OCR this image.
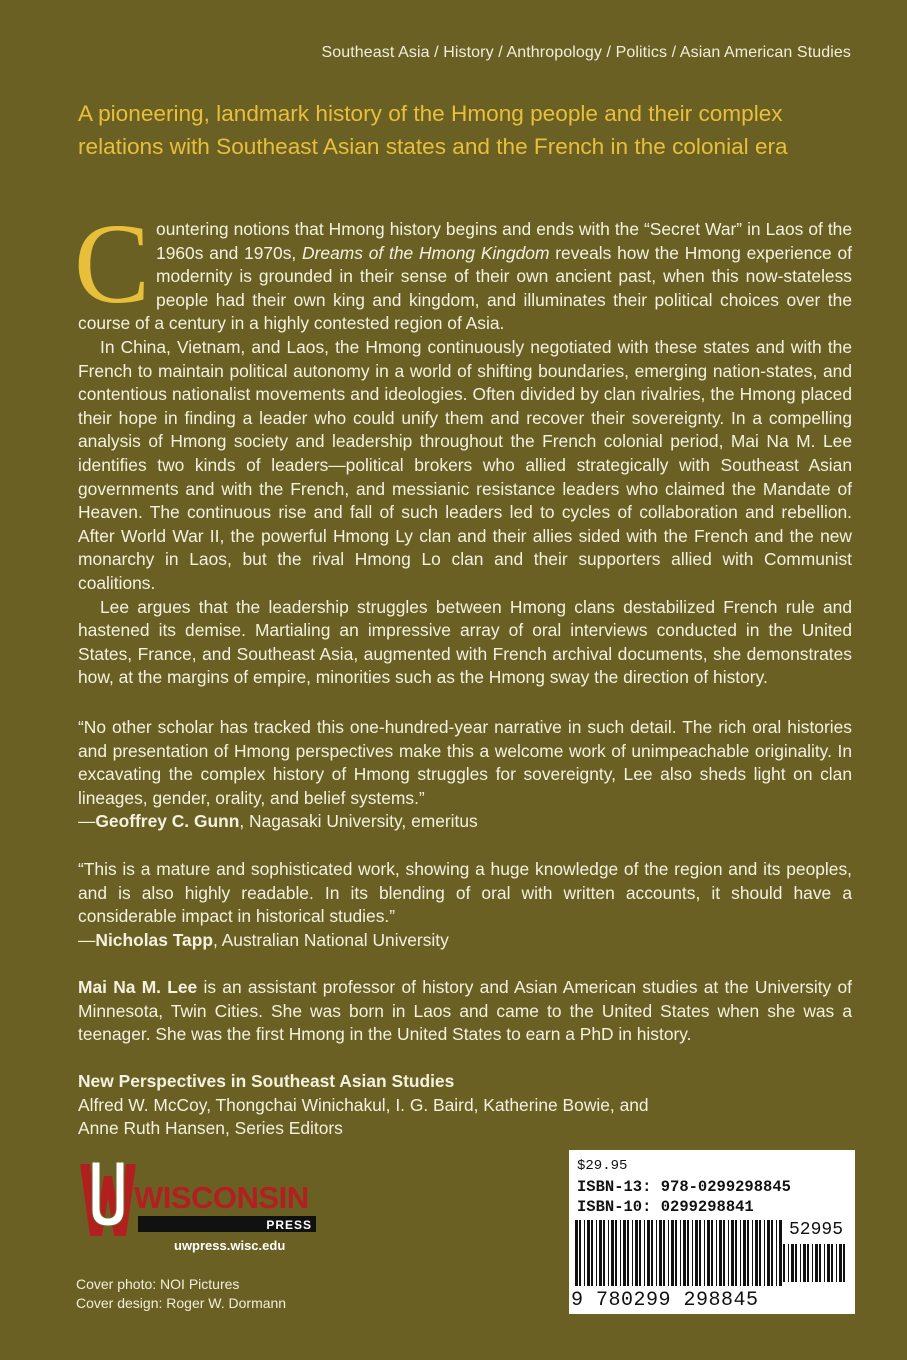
Southeast Asia / History / Anthropology / Politics / Asian American Studies
A pioneering, landmark history of the Hmong people and their complex
relations with Southeast Asian states and the French in the colonial era

Countering notions that Hmong history begins and ends with the “Secret War” in Laos of the 1960s and 1970s, Dreams of the Hmong Kingdom reveals how the Hmong experience of modernity is grounded in their sense of their own ancient past, when this now-stateless people had their own king and kingdom, and illuminates their political choices over the course of a century in a highly contested region of Asia.

In China, Vietnam, and Laos, the Hmong continuously negotiated with these states and with the French to maintain political autonomy in a world of shifting boundaries, emerging nation-states, and contentious nationalist movements and ideologies. Often divided by clan rivalries, the Hmong placed their hope in finding a leader who could unify them and recover their sovereignty. In a compelling analysis of Hmong society and leadership throughout the French colonial period, Mai Na M. Lee identifies two kinds of leaders—political brokers who allied strategically with Southeast Asian governments and with the French, and messianic resistance leaders who claimed the Mandate of Heaven. The continuous rise and fall of such leaders led to cycles of collaboration and rebellion. After World War II, the powerful Hmong Ly clan and their allies sided with the French and the new monarchy in Laos, but the rival Hmong Lo clan and their supporters allied with Communist coalitions.

Lee argues that the leadership struggles between Hmong clans destabilized French rule and hastened its demise. Martialing an impressive array of oral interviews conducted in the United States, France, and Southeast Asia, augmented with French archival documents, she demonstrates how, at the margins of empire, minorities such as the Hmong sway the direction of history.

“No other scholar has tracked this one-hundred-year narrative in such detail. The rich oral histories and presentation of Hmong perspectives make this a welcome work of unimpeachable originality. In excavating the complex history of Hmong struggles for sovereignty, Lee also sheds light on clan lineages, gender, orality, and belief systems.”
—Geoffrey C. Gunn, Nagasaki University, emeritus
“This is a mature and sophisticated work, showing a huge knowledge of the region and its peoples, and is also highly readable. In its blending of oral with written accounts, it should have a considerable impact in historical studies.”
—Nicholas Tapp, Australian National University
Mai Na M. Lee is an assistant professor of history and Asian American studies at the University of Minnesota, Twin Cities. She was born in Laos and came to the United States when she was a teenager. She was the first Hmong in the United States to earn a PhD in history.
New Perspectives in Southeast Asian Studies
Alfred W. McCoy, Thongchai Winichakul, I. G. Baird, Katherine Bowie, and
Anne Ruth Hansen, Series Editors
WISCONSIN
PRESS
uwpress.wisc.edu
Cover photo: NOI Pictures
Cover design: Roger W. Dormann
$29.95
ISBN-13: 978-0299298845
ISBN-10: 0299298841
52995
9 780299 298845
